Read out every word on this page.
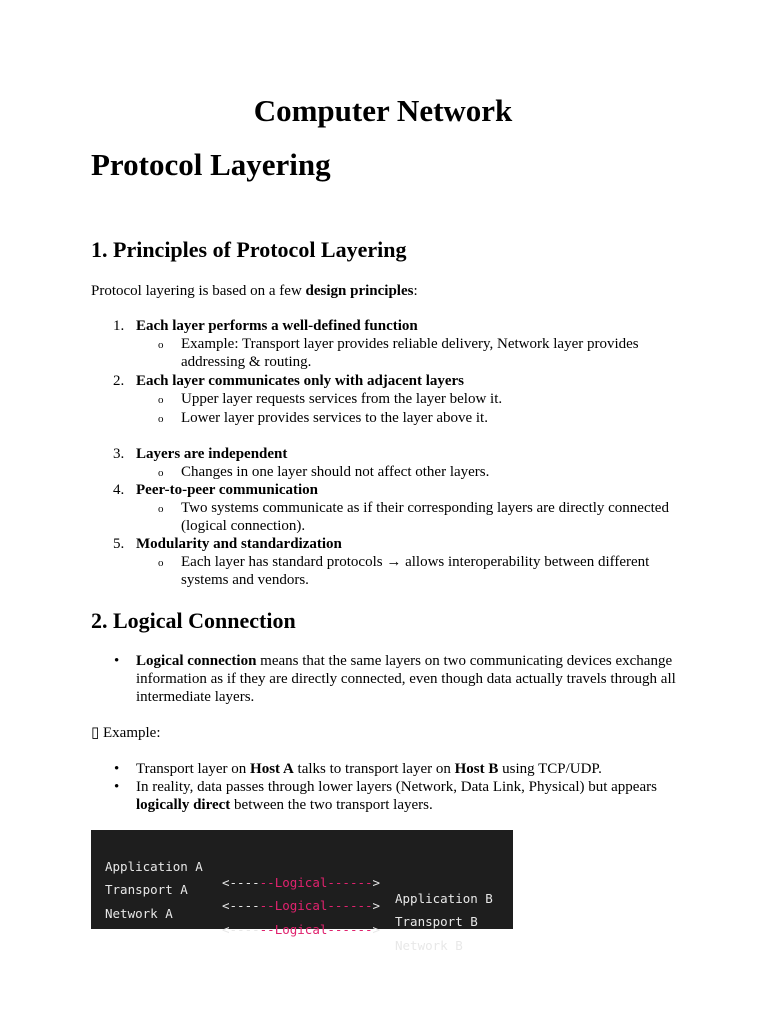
Computer Network
Protocol Layering
1. Principles of Protocol Layering

Protocol layering is based on a few design principles:

1. Each layer performs a well-defined function
o Example: Transport layer provides reliable delivery, Network layer provides addressing & routing.
2. Each layer communicates only with adjacent layers
o Upper layer requests services from the layer below it.
o Lower layer provides services to the layer above it.
3. Layers are independent
o Changes in one layer should not affect other layers.
4. Peer-to-peer communication
o Two systems communicate as if their corresponding layers are directly connected (logical connection).
5. Modularity and standardization
o Each layer has standard protocols → allows interoperability between different systems and vendors.
2. Logical Connection
• Logical connection means that the same layers on two communicating devices exchange information as if they are directly connected, even though data actually travels through all intermediate layers.

▯ Example:

• Transport layer on Host A talks to transport layer on Host B using TCP/UDP.
• In reality, data passes through lower layers (Network, Data Link, Physical) but appears logically direct between the two transport layers.

Application A

<------Logical------>

Application B

Transport A

<------Logical------>

Transport B

Network A

<------Logical------>

Network B
